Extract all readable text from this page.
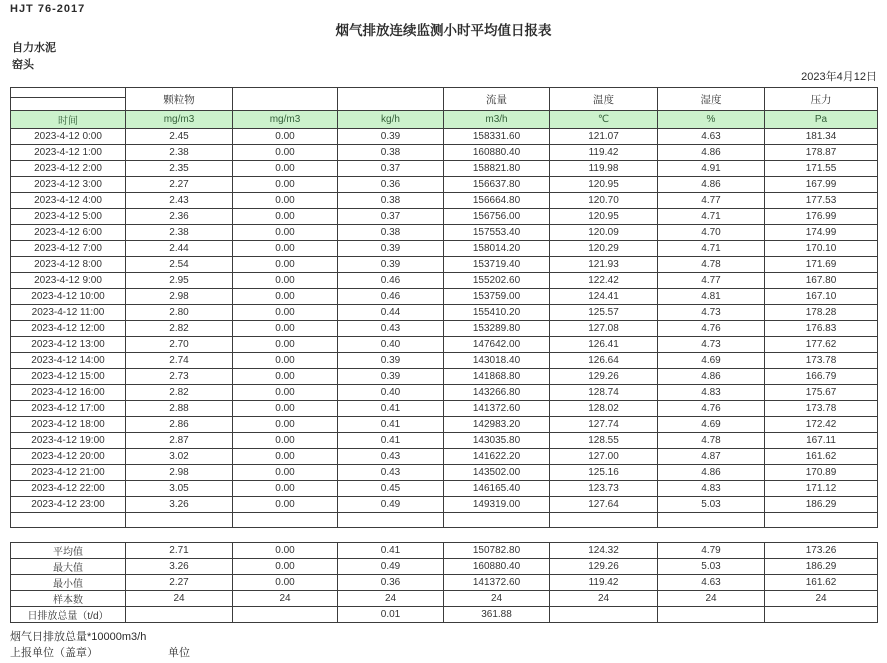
HJT 76-2017
烟气排放连续监测小时平均值日报表
自力水泥
窑头
2023年4月12日
	颗粒物			流量	温度	湿度	压力

时间	mg/m3	mg/m3	kg/h	m3/h	℃	%	Pa
2023-4-12 0:00	2.45	0.00	0.39	158331.60	121.07	4.63	181.34
2023-4-12 1:00	2.38	0.00	0.38	160880.40	119.42	4.86	178.87
2023-4-12 2:00	2.35	0.00	0.37	158821.80	119.98	4.91	171.55
2023-4-12 3:00	2.27	0.00	0.36	156637.80	120.95	4.86	167.99
2023-4-12 4:00	2.43	0.00	0.38	156664.80	120.70	4.77	177.53
2023-4-12 5:00	2.36	0.00	0.37	156756.00	120.95	4.71	176.99
2023-4-12 6:00	2.38	0.00	0.38	157553.40	120.09	4.70	174.99
2023-4-12 7:00	2.44	0.00	0.39	158014.20	120.29	4.71	170.10
2023-4-12 8:00	2.54	0.00	0.39	153719.40	121.93	4.78	171.69
2023-4-12 9:00	2.95	0.00	0.46	155202.60	122.42	4.77	167.80
2023-4-12 10:00	2.98	0.00	0.46	153759.00	124.41	4.81	167.10
2023-4-12 11:00	2.80	0.00	0.44	155410.20	125.57	4.73	178.28
2023-4-12 12:00	2.82	0.00	0.43	153289.80	127.08	4.76	176.83
2023-4-12 13:00	2.70	0.00	0.40	147642.00	126.41	4.73	177.62
2023-4-12 14:00	2.74	0.00	0.39	143018.40	126.64	4.69	173.78
2023-4-12 15:00	2.73	0.00	0.39	141868.80	129.26	4.86	166.79
2023-4-12 16:00	2.82	0.00	0.40	143266.80	128.74	4.83	175.67
2023-4-12 17:00	2.88	0.00	0.41	141372.60	128.02	4.76	173.78
2023-4-12 18:00	2.86	0.00	0.41	142983.20	127.74	4.69	172.42
2023-4-12 19:00	2.87	0.00	0.41	143035.80	128.55	4.78	167.11
2023-4-12 20:00	3.02	0.00	0.43	141622.20	127.00	4.87	161.62
2023-4-12 21:00	2.98	0.00	0.43	143502.00	125.16	4.86	170.89
2023-4-12 22:00	3.05	0.00	0.45	146165.40	123.73	4.83	171.12
2023-4-12 23:00	3.26	0.00	0.49	149319.00	127.64	5.03	186.29

平均值	2.71	0.00	0.41	150782.80	124.32	4.79	173.26
最大值	3.26	0.00	0.49	160880.40	129.26	5.03	186.29
最小值	2.27	0.00	0.36	141372.60	119.42	4.63	161.62
样本数	24	24	24	24	24	24	24
日排放总量（t/d）			0.01	361.88			
烟气日排放总量*10000m3/h
上报单位（盖章）	单位
